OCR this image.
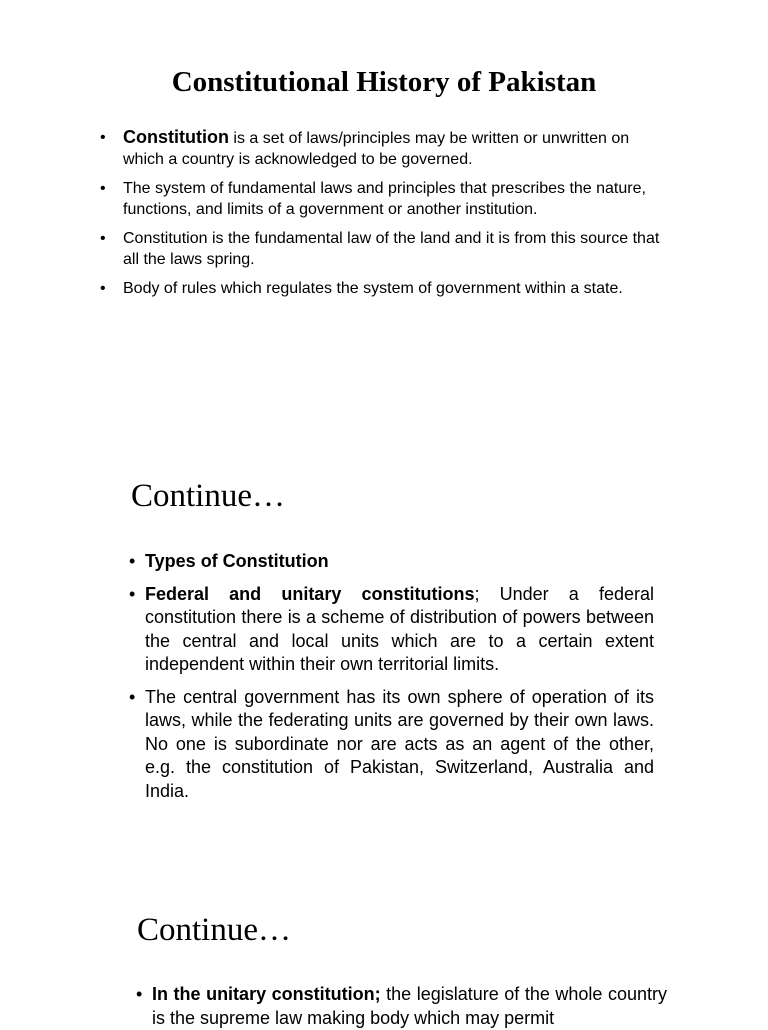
Constitutional History of Pakistan
• Constitution is a set of laws/principles may be written or unwritten on which a country is acknowledged to be governed.
• The system of fundamental laws and principles that prescribes the nature, functions, and limits of a government or another institution.
• Constitution is the fundamental law of the land and it is from this source that all the laws spring.
• Body of rules which regulates the system of government within a state.
Continue…
• Types of Constitution
• Federal and unitary constitutions; Under a federal constitution there is a scheme of distribution of powers between the central and local units which are to a certain extent independent within their own territorial limits.
• The central government has its own sphere of operation of its laws, while the federating units are governed by their own laws. No one is subordinate nor are acts as an agent of the other, e.g. the constitution of Pakistan, Switzerland, Australia and India.
Continue…
• In the unitary constitution; the legislature of the whole country is the supreme law making body which may permit
